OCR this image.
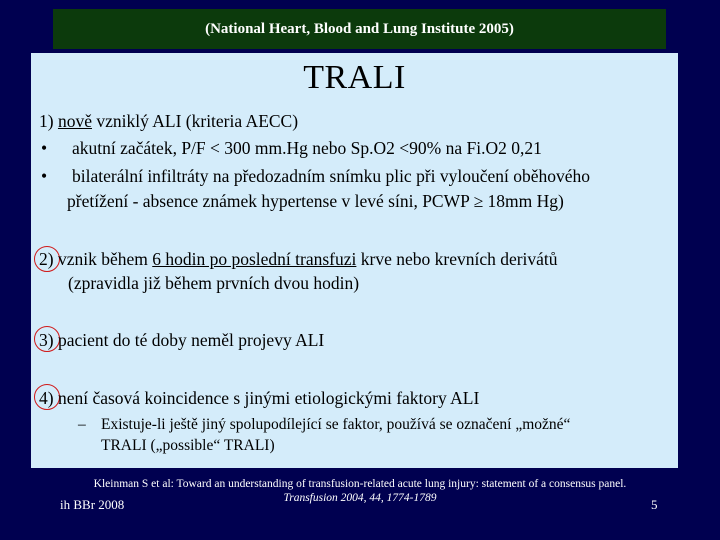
(National Heart, Blood and Lung Institute 2005)
TRALI
1) nově vzniklý ALI (kriteria AECC)
• akutní začátek, P/F < 300 mm.Hg nebo Sp.O2 <90% na Fi.O2 0,21
• bilaterální infiltráty na předozadním snímku plic při vyloučení oběhového
přetížení - absence známek hypertense v levé síni, PCWP ≥ 18mm Hg)
2) vznik během 6 hodin po poslední transfuzi krve nebo krevních derivátů
(zpravidla již během prvních dvou hodin)
3) pacient do té doby neměl projevy ALI
4) není časová koincidence s jinými etiologickými faktory ALI
– Existuje-li ještě jiný spolupodílející se faktor, používá se označení „možné“
TRALI („possible“ TRALI)
Kleinman S et al: Toward an understanding of transfusion-related acute lung injury: statement of a consensus panel.
Transfusion 2004, 44, 1774-1789
ih BBr 2008	5
